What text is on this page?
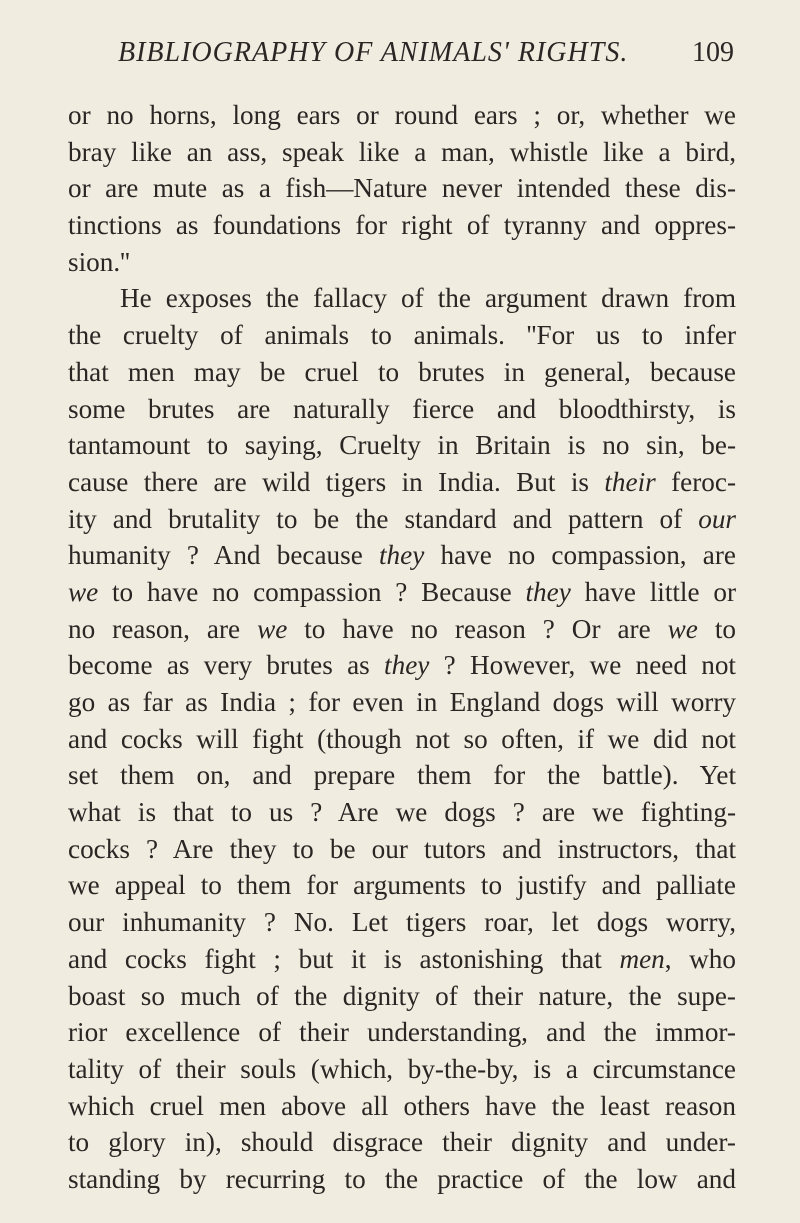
BIBLIOGRAPHY OF ANIMALS' RIGHTS. 109
or no horns, long ears or round ears ; or, whether we
bray like an ass, speak like a man, whistle like a bird,
or are mute as a fish—Nature never intended these dis-
tinctions as foundations for right of tyranny and oppres-
sion.''
He exposes the fallacy of the argument drawn from
the cruelty of animals to animals. ''For us to infer
that men may be cruel to brutes in general, because
some brutes are naturally fierce and bloodthirsty, is
tantamount to saying, Cruelty in Britain is no sin, be-
cause there are wild tigers in India. But is their feroc-
ity and brutality to be the standard and pattern of our
humanity ? And because they have no compassion, are
we to have no compassion ? Because they have little or
no reason, are we to have no reason ? Or are we to
become as very brutes as they ? However, we need not
go as far as India ; for even in England dogs will worry
and cocks will fight (though not so often, if we did not
set them on, and prepare them for the battle). Yet
what is that to us ? Are we dogs ? are we fighting-
cocks ? Are they to be our tutors and instructors, that
we appeal to them for arguments to justify and palliate
our inhumanity ? No. Let tigers roar, let dogs worry,
and cocks fight ; but it is astonishing that men, who
boast so much of the dignity of their nature, the supe-
rior excellence of their understanding, and the immor-
tality of their souls (which, by-the-by, is a circumstance
which cruel men above all others have the least reason
to glory in), should disgrace their dignity and under-
standing by recurring to the practice of the low and
